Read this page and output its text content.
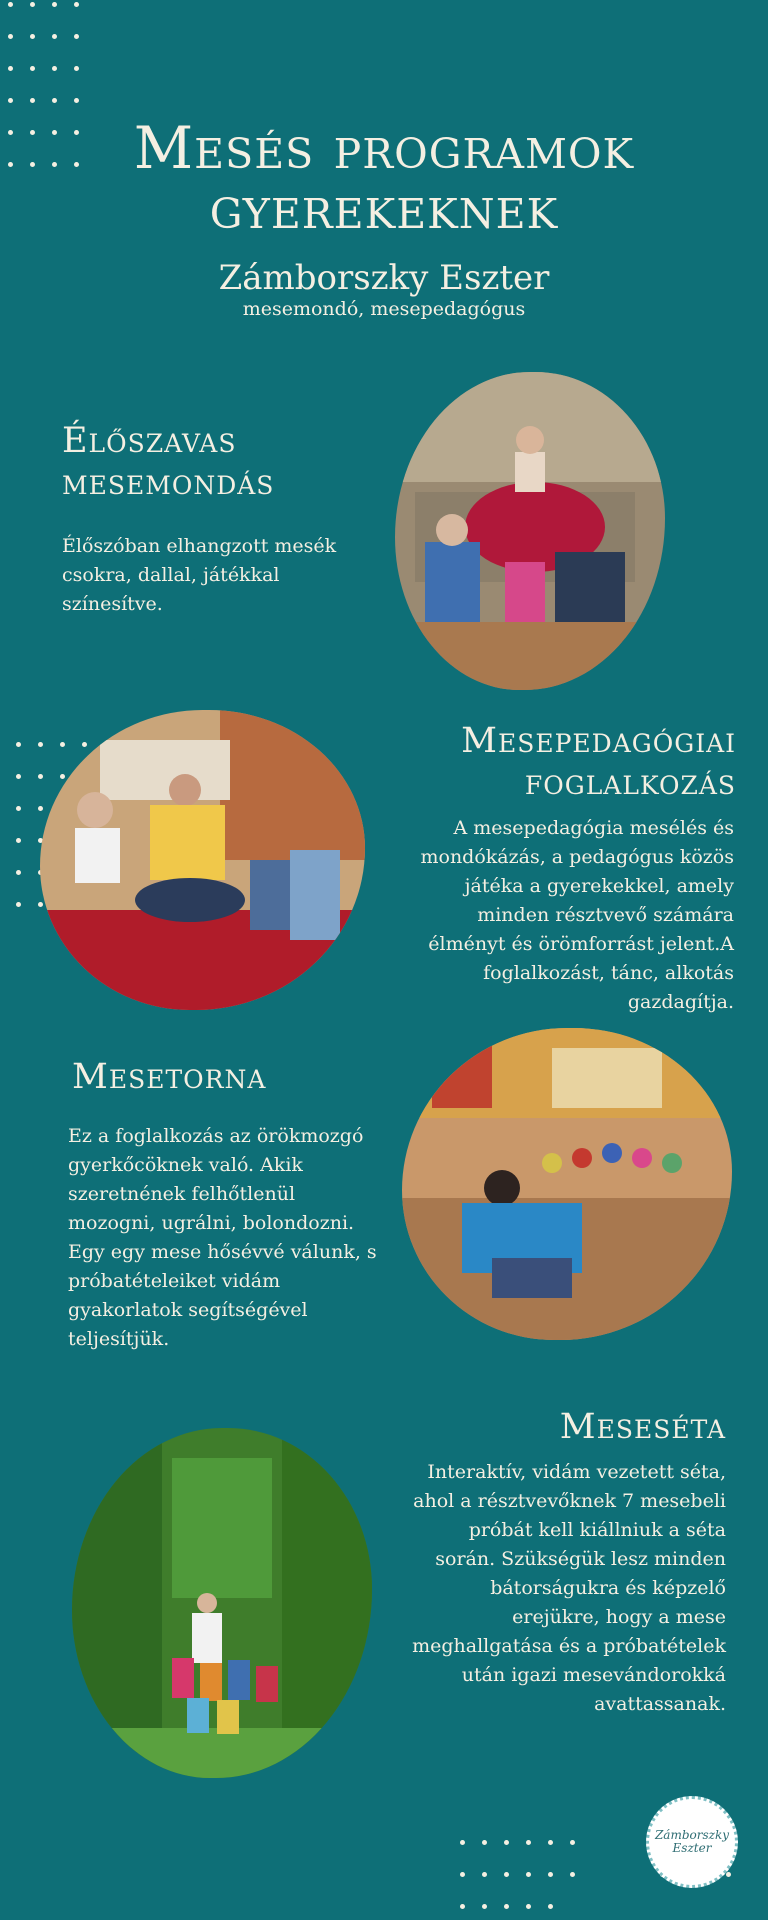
Mesés programok
gyerekeknek
Zámborszky Eszter
mesemondó, mesepedagógus
Élőszavas
mesemondás
Élőszóban elhangzott mesék csokra, dallal, játékkal színesítve.
Mesepedagógiai
foglalkozás
A mesepedagógia mesélés és mondókázás, a pedagógus közös játéka a gyerekekkel, amely minden résztvevő számára élményt és örömforrást jelent.A foglalkozást, tánc, alkotás gazdagítja.
Mesetorna
Ez a foglalkozás az örökmozgó gyerkőcöknek való. Akik szeretnének felhőtlenül mozogni, ugrálni, bolondozni. Egy egy mese hősévvé válunk, s próbatételeiket vidám gyakorlatok segítségével teljesítjük.
Meseséta
Interaktív, vidám vezetett séta, ahol a résztvevőknek 7 mesebeli próbát kell kiállniuk a séta során. Szükségük lesz minden bátorságukra és képzelő erejükre, hogy a mese meghallgatása és a próbatételek után igazi mesevándorokká avattassanak.
Zámborszky
Eszter
